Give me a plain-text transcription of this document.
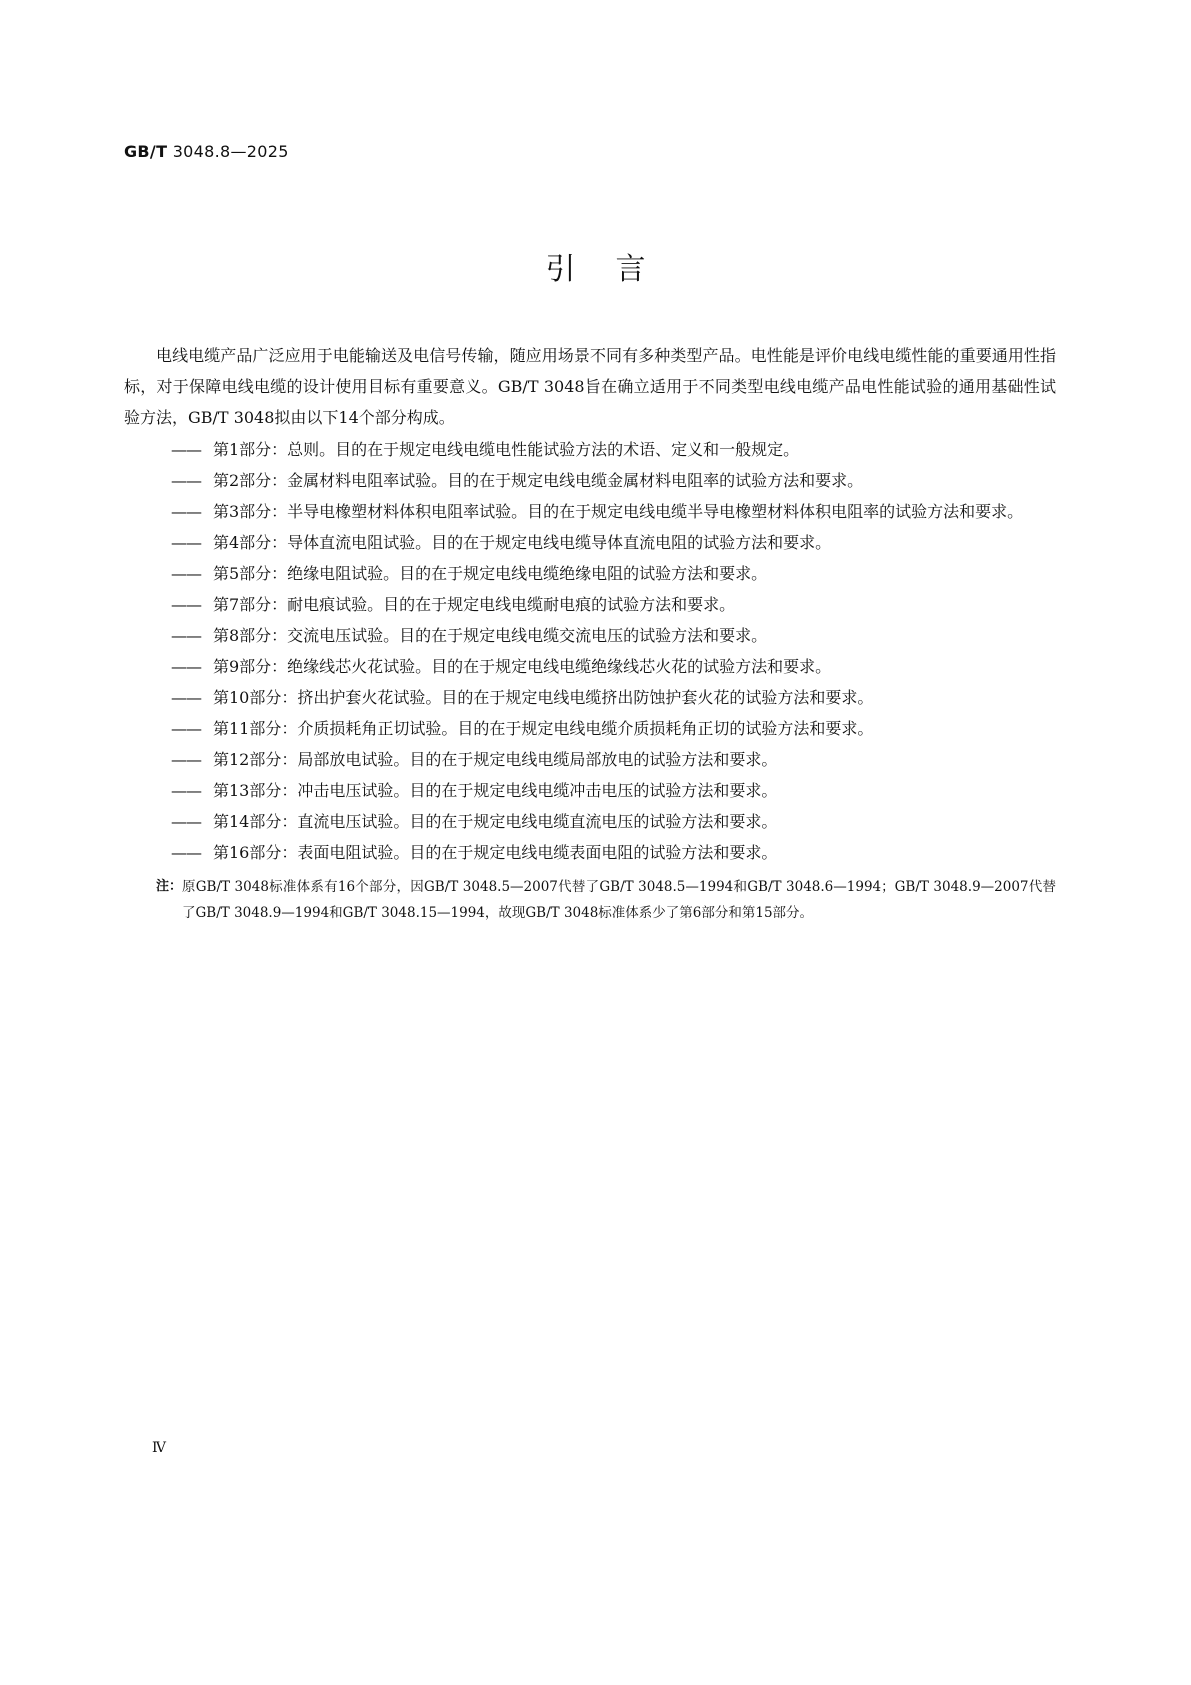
GB/T 3048.8—2025
引言

电线电缆产品广泛应用于电能输送及电信号传输，随应用场景不同有多种类型产品。电性能是评价电线电缆性能的重要通用性指标，对于保障电线电缆的设计使用目标有重要意义。GB/T 3048旨在确立适用于不同类型电线电缆产品电性能试验的通用基础性试验方法，GB/T 3048拟由以下14个部分构成。

—— 第1部分：总则。目的在于规定电线电缆电性能试验方法的术语、定义和一般规定。
—— 第2部分：金属材料电阻率试验。目的在于规定电线电缆金属材料电阻率的试验方法和要求。
—— 第3部分：半导电橡塑材料体积电阻率试验。目的在于规定电线电缆半导电橡塑材料体积电阻率的试验方法和要求。
—— 第4部分：导体直流电阻试验。目的在于规定电线电缆导体直流电阻的试验方法和要求。
—— 第5部分：绝缘电阻试验。目的在于规定电线电缆绝缘电阻的试验方法和要求。
—— 第7部分：耐电痕试验。目的在于规定电线电缆耐电痕的试验方法和要求。
—— 第8部分：交流电压试验。目的在于规定电线电缆交流电压的试验方法和要求。
—— 第9部分：绝缘线芯火花试验。目的在于规定电线电缆绝缘线芯火花的试验方法和要求。
—— 第10部分：挤出护套火花试验。目的在于规定电线电缆挤出防蚀护套火花的试验方法和要求。
—— 第11部分：介质损耗角正切试验。目的在于规定电线电缆介质损耗角正切的试验方法和要求。
—— 第12部分：局部放电试验。目的在于规定电线电缆局部放电的试验方法和要求。
—— 第13部分：冲击电压试验。目的在于规定电线电缆冲击电压的试验方法和要求。
—— 第14部分：直流电压试验。目的在于规定电线电缆直流电压的试验方法和要求。
—— 第16部分：表面电阻试验。目的在于规定电线电缆表面电阻的试验方法和要求。
注： 原GB/T 3048标准体系有16个部分，因GB/T 3048.5—2007代替了GB/T 3048.5—1994和GB/T 3048.6—1994；GB/T 3048.9—2007代替了GB/T 3048.9—1994和GB/T 3048.15—1994，故现GB/T 3048标准体系少了第6部分和第15部分。
Ⅳ
